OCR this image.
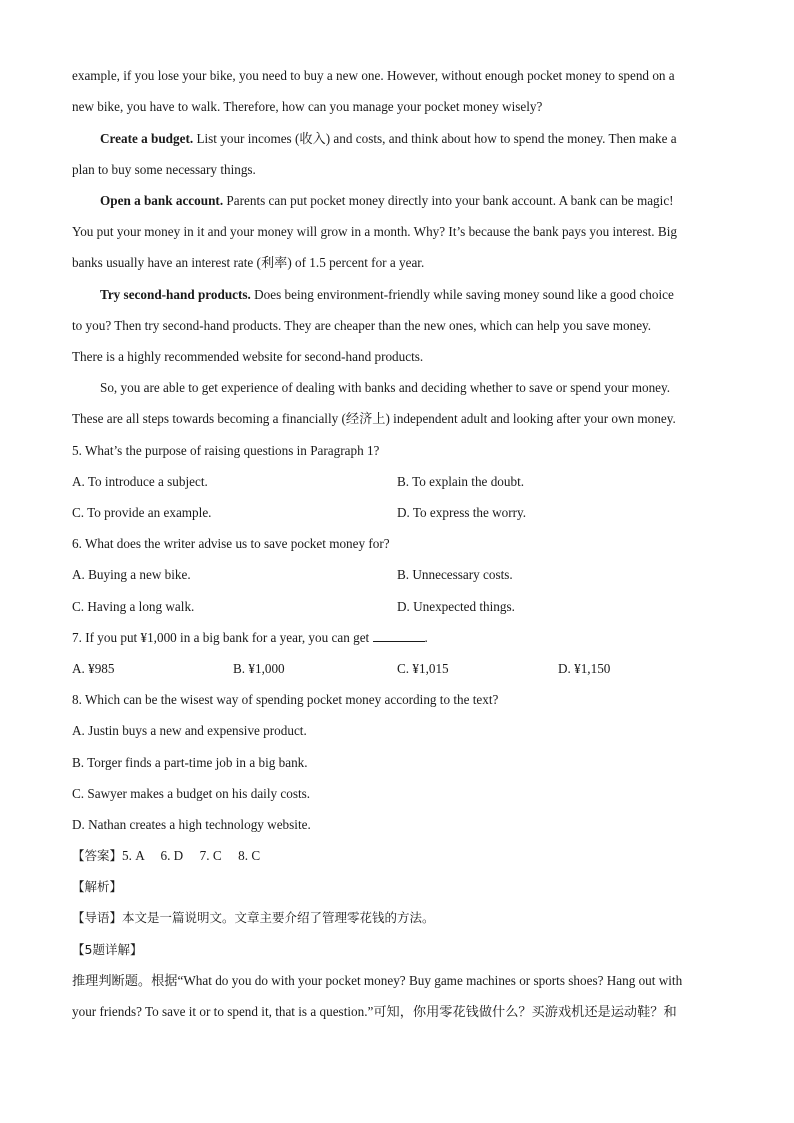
example, if you lose your bike, you need to buy a new one. However, without enough pocket money to spend on a
new bike, you have to walk. Therefore, how can you manage your pocket money wisely?
Create a budget. List your incomes (收入) and costs, and think about how to spend the money. Then make a
plan to buy some necessary things.
Open a bank account. Parents can put pocket money directly into your bank account. A bank can be magic!
You put your money in it and your money will grow in a month. Why? It’s because the bank pays you interest. Big
banks usually have an interest rate (利率) of 1.5 percent for a year.
Try second-hand products. Does being environment-friendly while saving money sound like a good choice
to you? Then try second-hand products. They are cheaper than the new ones, which can help you save money.
There is a highly recommended website for second-hand products.
So, you are able to get experience of dealing with banks and deciding whether to save or spend your money.
These are all steps towards becoming a financially (经济上) independent adult and looking after your own money.
5. What’s the purpose of raising questions in Paragraph 1?
A. To introduce a subject.	B. To explain the doubt.
C. To provide an example.	D. To express the worry.
6. What does the writer advise us to save pocket money for?
A. Buying a new bike.	B. Unnecessary costs.
C. Having a long walk.	D. Unexpected things.
7. If you put ¥1,000 in a big bank for a year, you can get	.
A. ¥985	B. ¥1,000	C. ¥1,015	D. ¥1,150
8. Which can be the wisest way of spending pocket money according to the text?
A. Justin buys a new and expensive product.
B. Torger finds a part-time job in a big bank.
C. Sawyer makes a budget on his daily costs.
D. Nathan creates a high technology website.
【答案】5. A     6. D     7. C     8. C
【解析】
【导语】本文是一篇说明文。文章主要介绍了管理零花钱的方法。
【5题详解】
推理判断题。根据“What do you do with your pocket money? Buy game machines or sports shoes? Hang out with
your friends? To save it or to spend it, that is a question.”可知，你用零花钱做什么？买游戏机还是运动鞋？和
